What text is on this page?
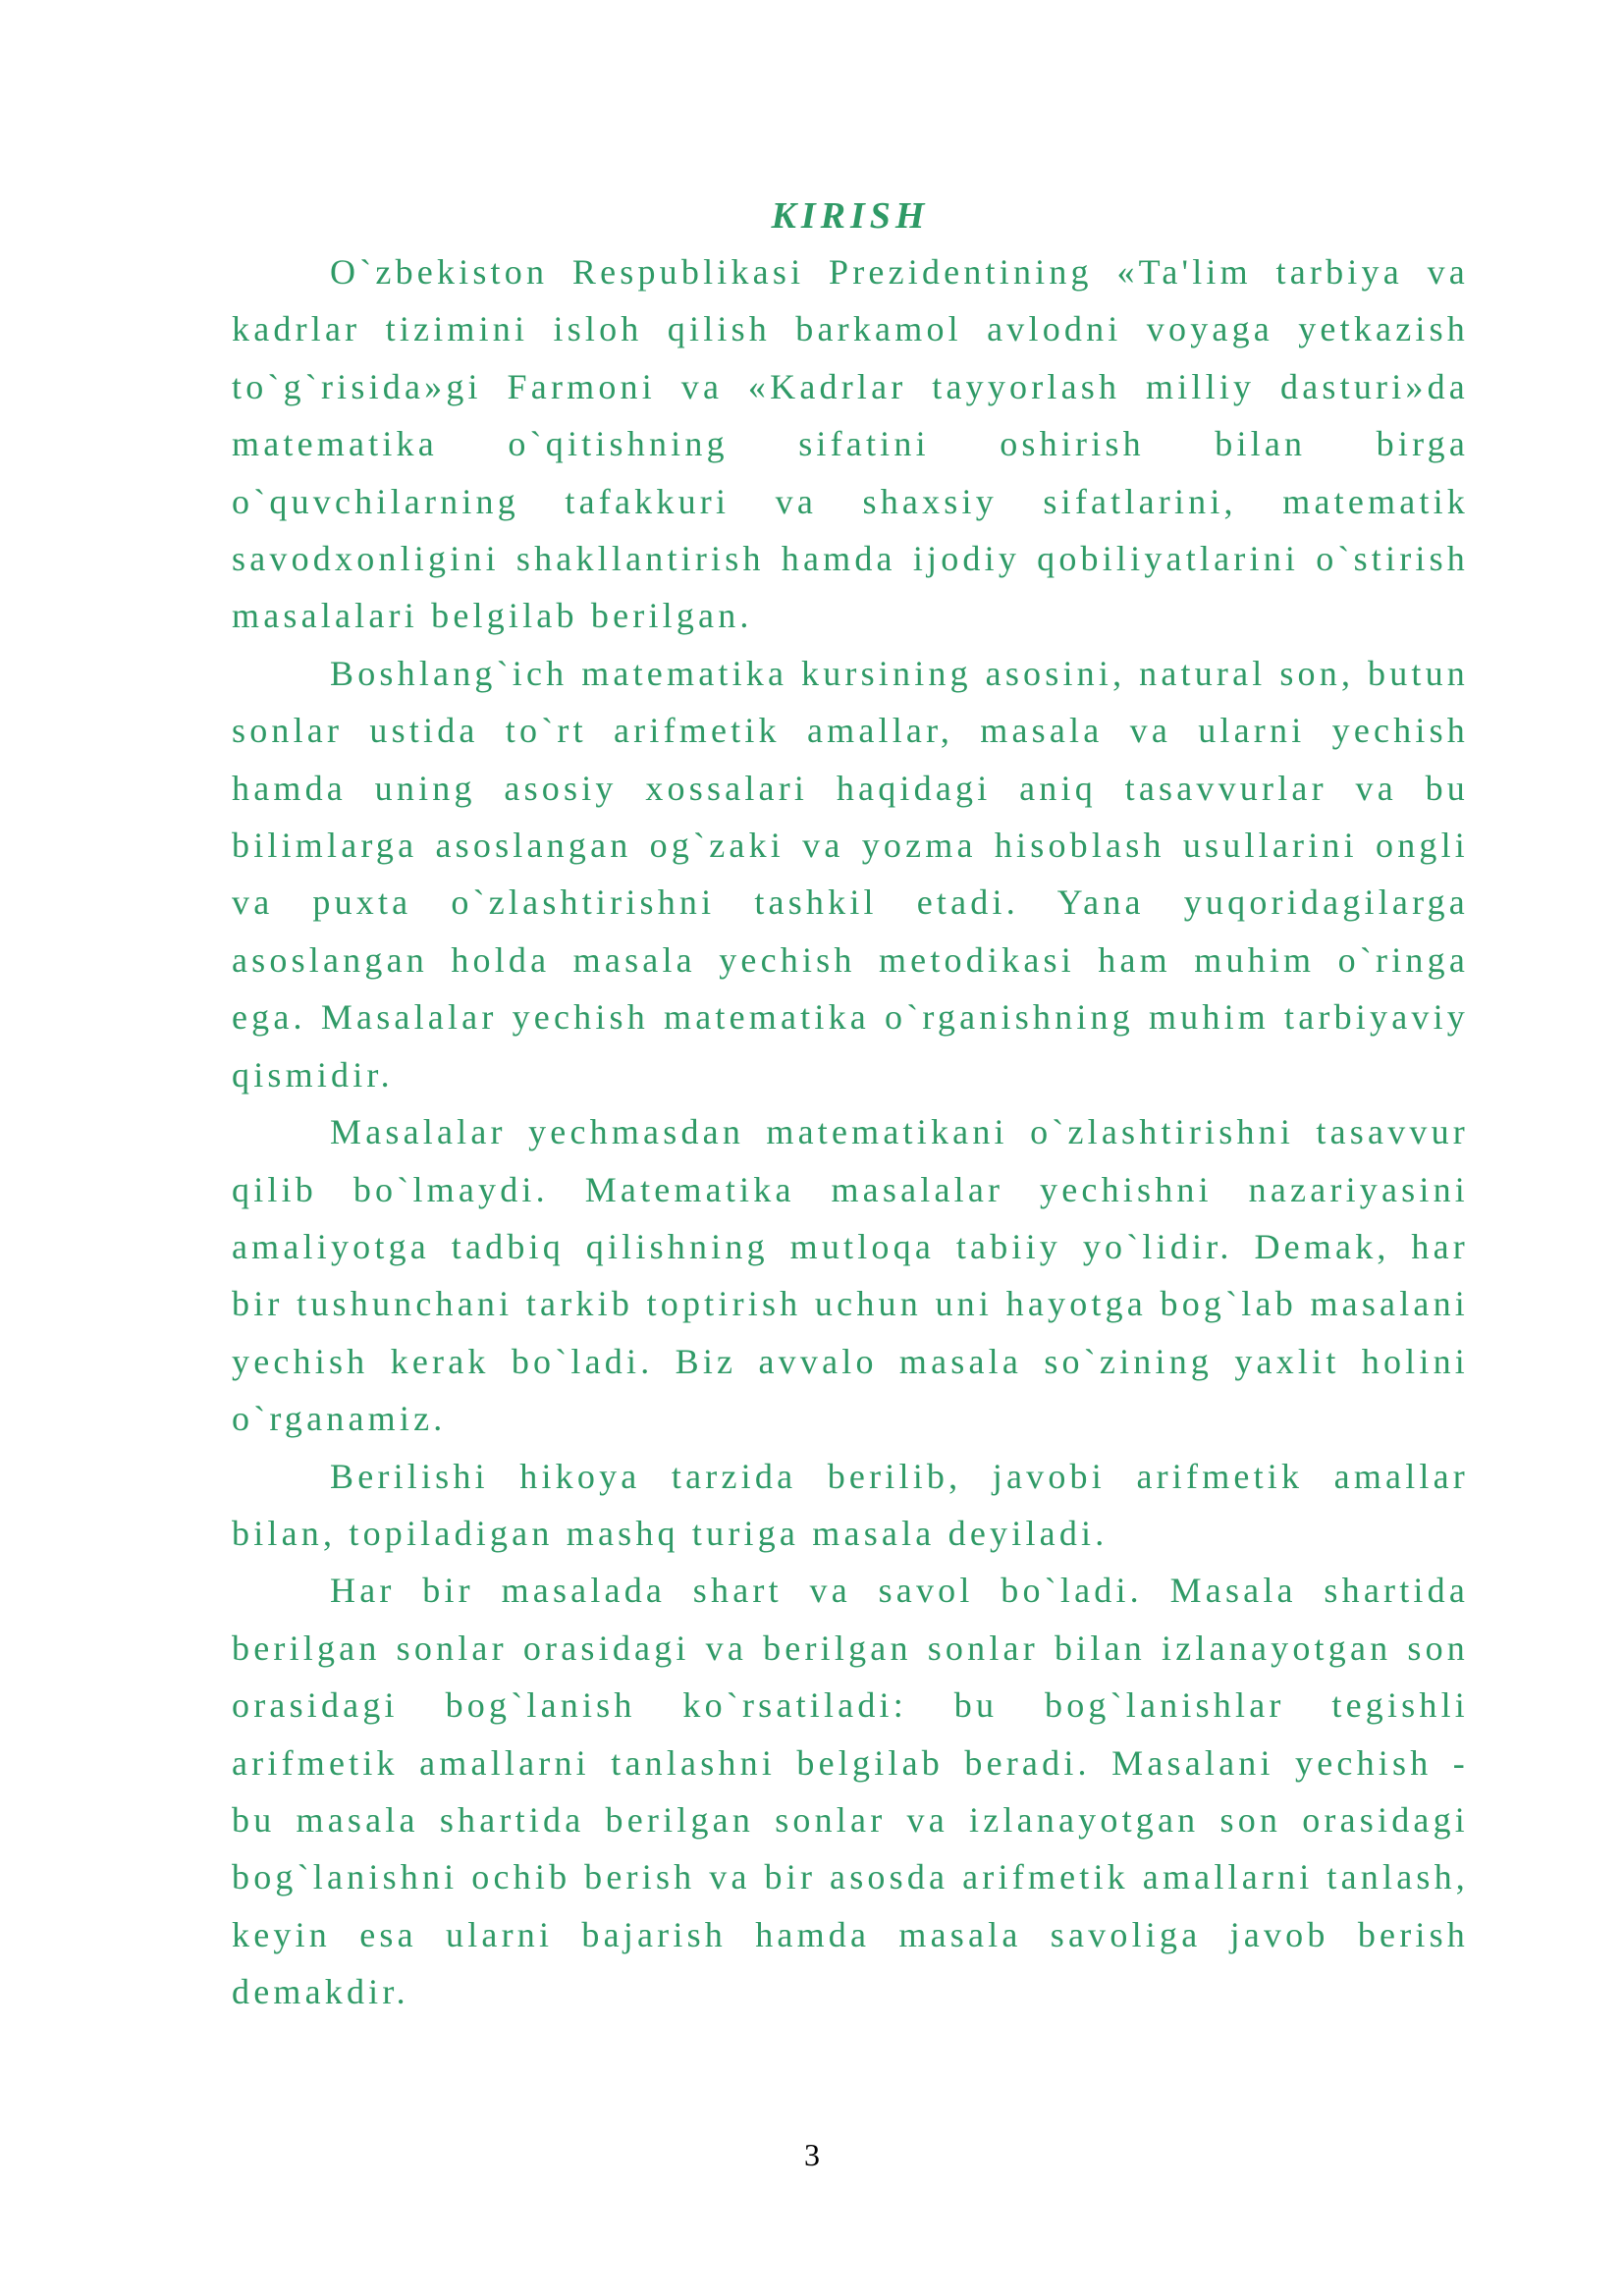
KIRISH

O`zbekiston Respublikasi Prezidentining «Ta'lim tarbiya va kadrlar tizimini isloh qilish barkamol avlodni voyaga yetkazish to`g`risida»gi Farmoni va «Kadrlar tayyorlash milliy dasturi»da matematika o`qitishning sifatini oshirish bilan birga o`quvchilarning tafakkuri va shaxsiy sifatlarini, matematik savodxonligini shakllantirish hamda ijodiy qobiliyatlarini o`stirish masalalari belgilab berilgan.

Boshlang`ich matematika kursining asosini, natural son, butun sonlar ustida to`rt arifmetik amallar, masala va ularni yechish hamda uning asosiy xossalari haqidagi aniq tasavvurlar va bu bilimlarga asoslangan og`zaki va yozma hisoblash usullarini ongli va puxta o`zlashtirishni tashkil etadi. Yana yuqoridagilarga asoslangan holda masala yechish metodikasi ham muhim o`ringa ega. Masalalar yechish matematika o`rganishning muhim tarbiyaviy qismidir.

Masalalar yechmasdan matematikani o`zlashtirishni tasavvur qilib bo`lmaydi. Matematika masalalar yechishni nazariyasini amaliyotga tadbiq qilishning mutloqa tabiiy yo`lidir. Demak, har bir tushunchani tarkib toptirish uchun uni hayotga bog`lab masalani yechish kerak bo`ladi. Biz avvalo masala so`zining yaxlit holini o`rganamiz.

Berilishi hikoya tarzida berilib, javobi arifmetik amallar bilan, topiladigan mashq turiga masala deyiladi.

Har bir masalada shart va savol bo`ladi. Masala shartida berilgan sonlar orasidagi va berilgan sonlar bilan izlanayotgan son orasidagi bog`lanish ko`rsatiladi: bu bog`lanishlar tegishli arifmetik amallarni tanlashni belgilab beradi. Masalani yechish - bu masala shartida berilgan sonlar va izlanayotgan son orasidagi bog`lanishni ochib berish va bir asosda arifmetik amallarni tanlash, keyin esa ularni bajarish hamda masala savoliga javob berish demakdir.

3
